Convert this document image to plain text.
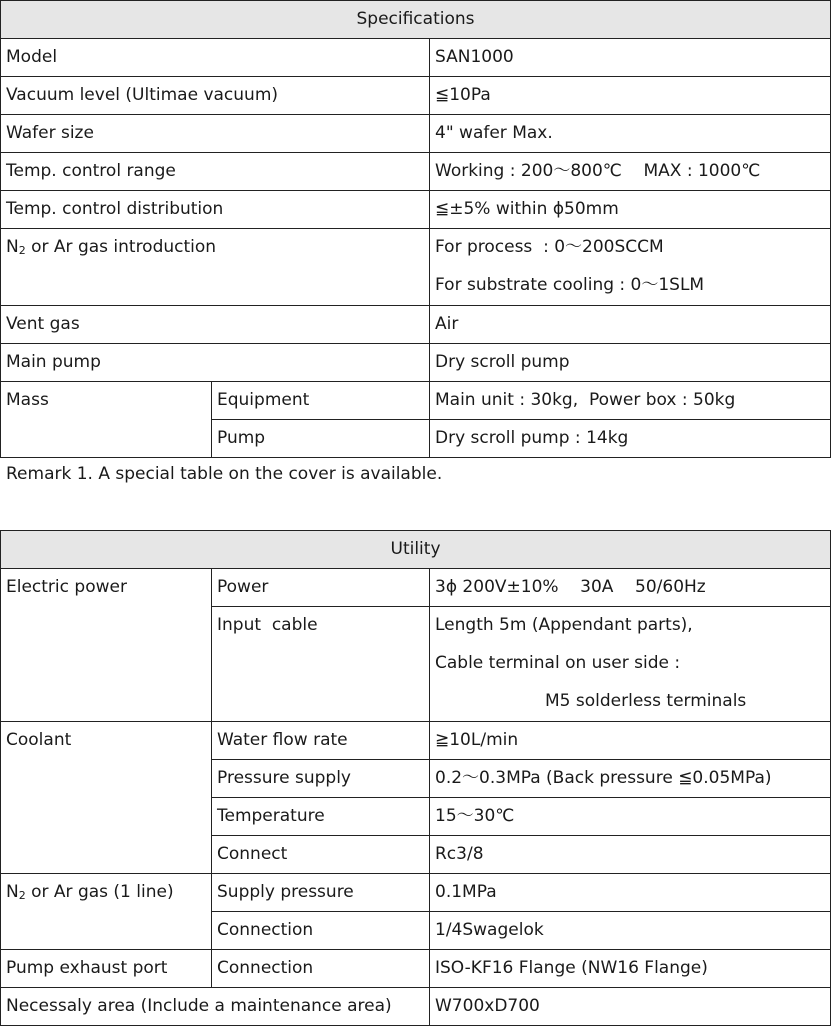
Specifications		
Model		SAN1000
Vacuum level (Ultimae vacuum)		≦10Pa
Wafer size		4" wafer Max.
Temp. control range		Working : 200〜800℃    MAX : 1000℃
Temp. control distribution		≦±5% within ϕ50mm
$N_2$ or Ar gas introduction		For process  : 0〜200SCCM
For substrate cooling : 0〜1SLM

Vent gas		Air
Main pump		Dry scroll pump
Mass	Equipment	Main unit : 30kg,  Power box : 50kg
	Pump	Dry scroll pump : 14kg
Remark 1. A special table on the cover is available.
Utility		
Electric power	Power	3ϕ 200V±10%    30A    50/60Hz
	Input  cable	Length 5m (Appendant parts),
Cable terminal on user side :
M5 solderless terminals

Coolant	Water flow rate	≧10L/min
	Pressure supply	0.2〜0.3MPa (Back pressure ≦0.05MPa)
	Temperature	15〜30℃
	Connect	Rc3/8
$N_2$ or Ar gas (1 line)	Supply pressure	0.1MPa
	Connection	1/4Swagelok
Pump exhaust port	Connection	ISO-KF16 Flange (NW16 Flange)
Necessaly area (Include a maintenance area)		W700xD700
